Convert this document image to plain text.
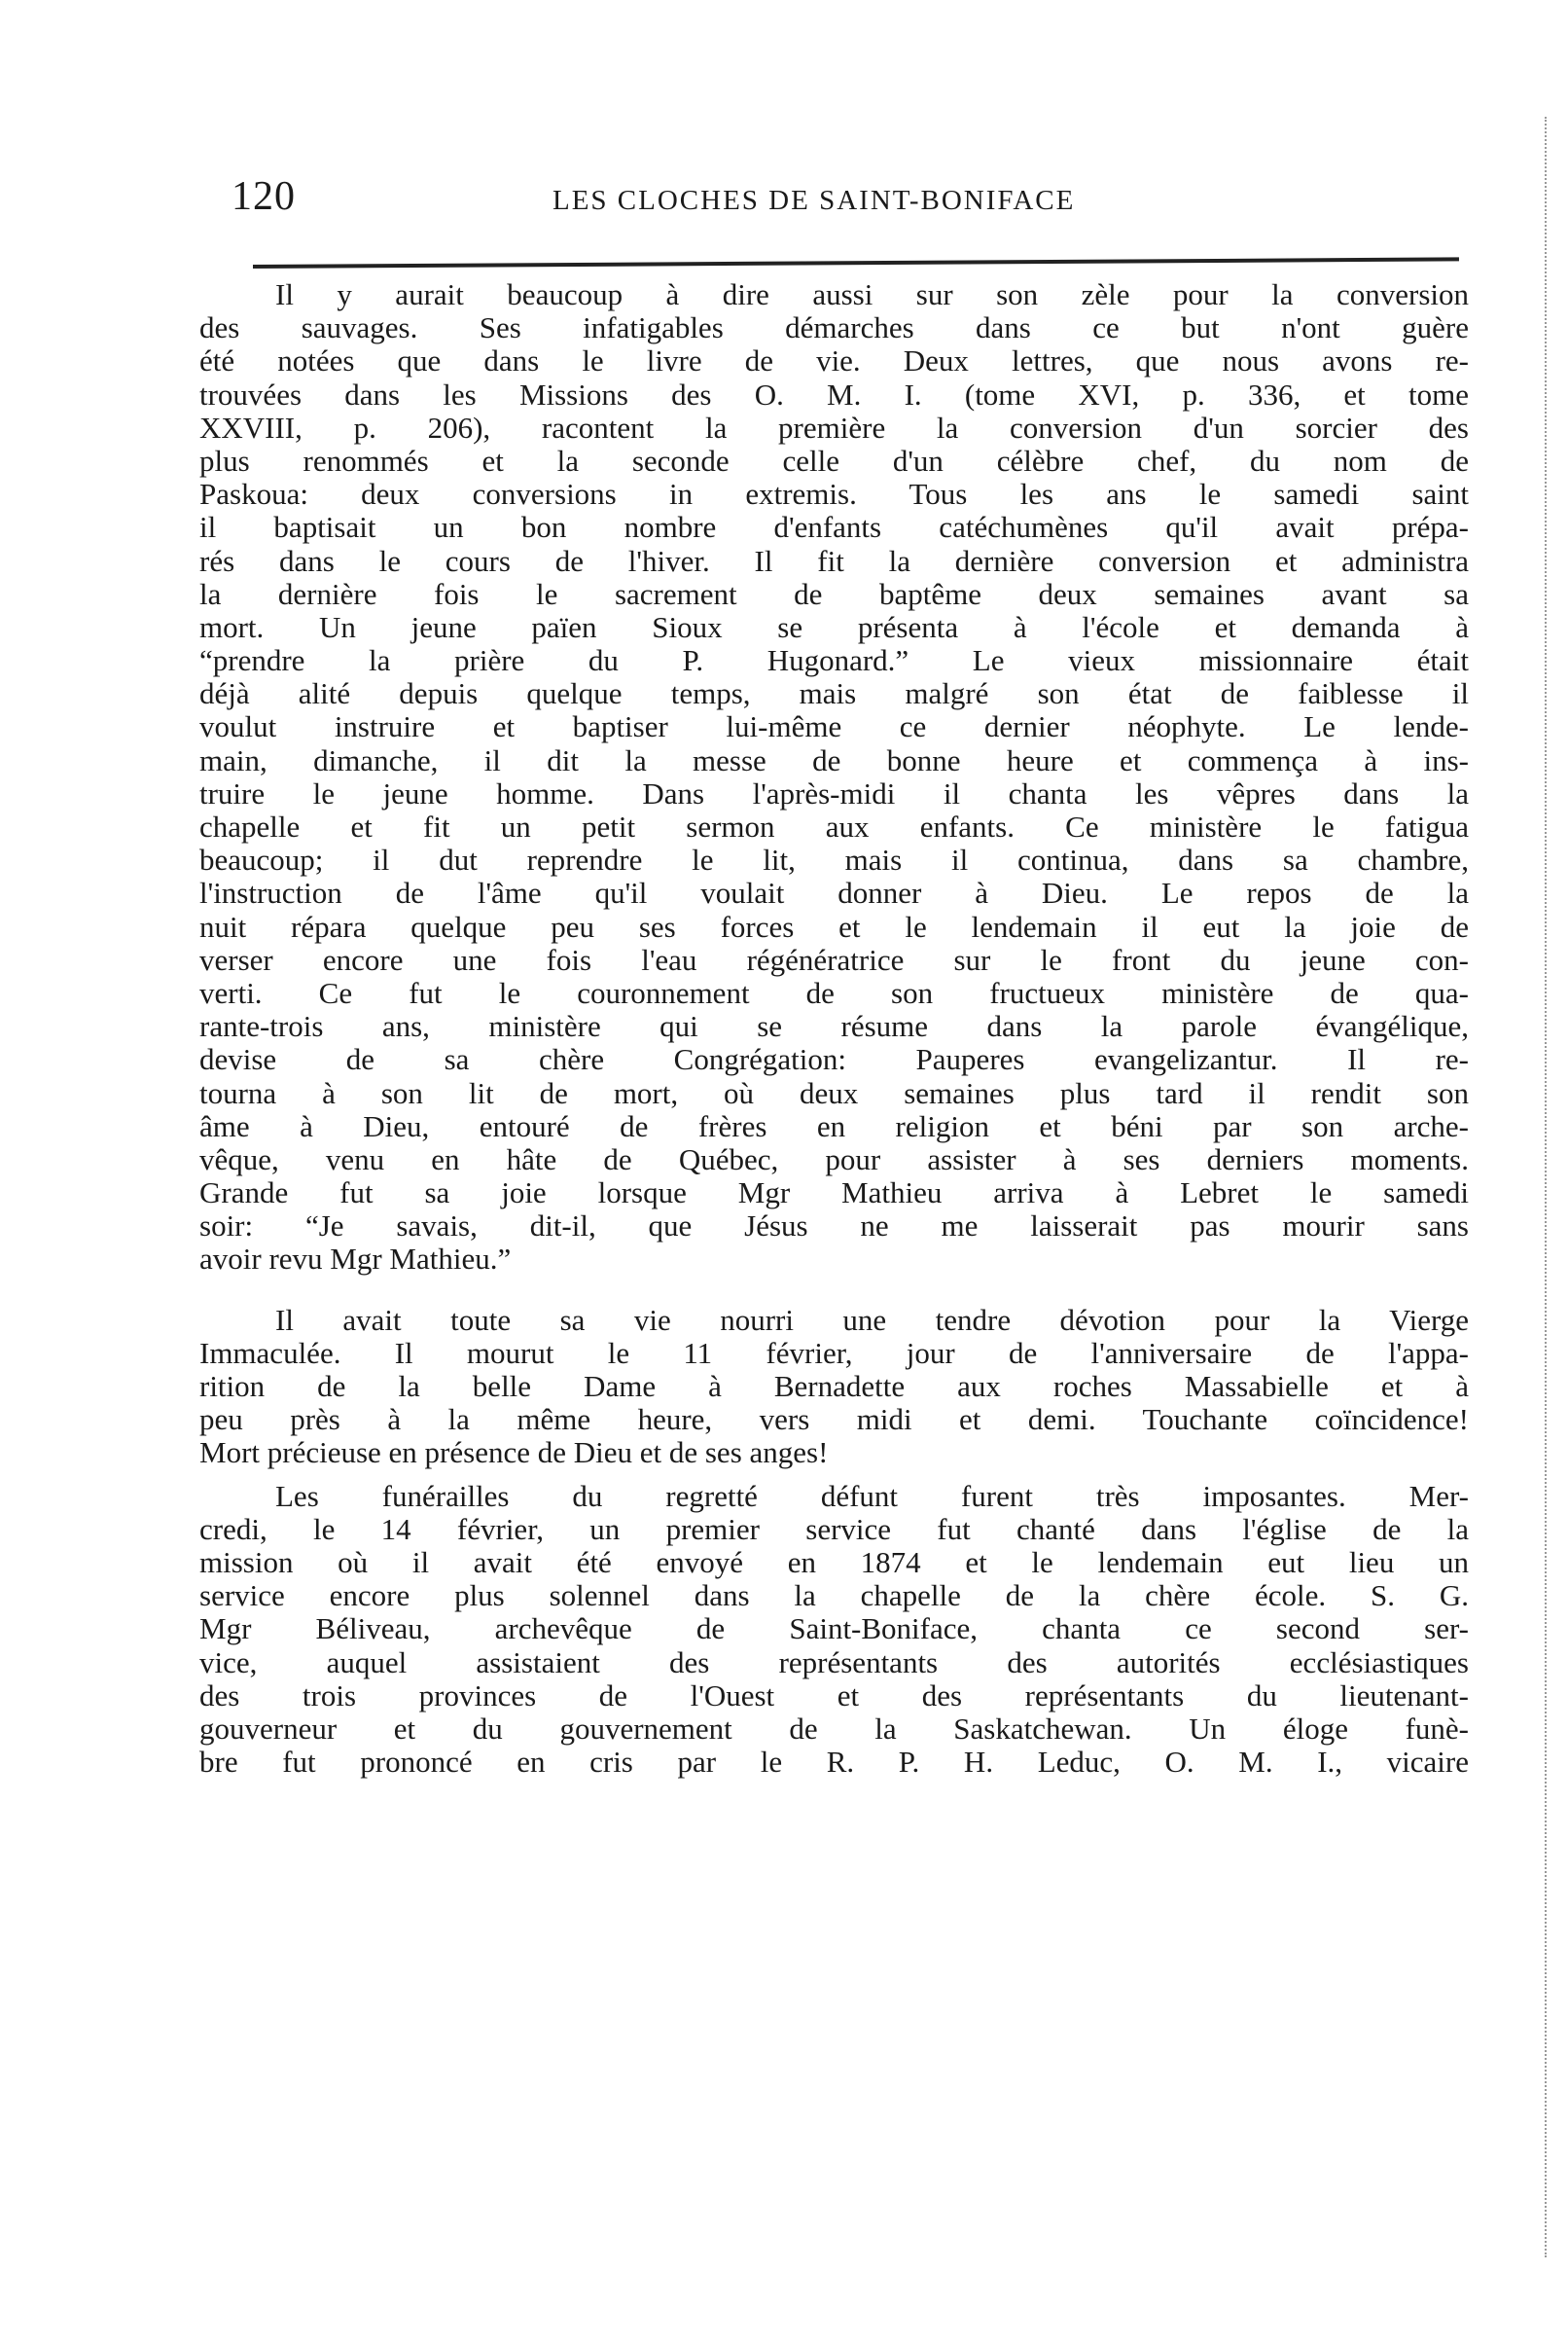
120	LES CLOCHES DE SAINT-BONIFACE
Il y aurait beaucoup à dire aussi sur son zèle pour la conversion
des sauvages. Ses infatigables démarches dans ce but n'ont guère
été notées que dans le livre de vie. Deux lettres, que nous avons re-
trouvées dans les Missions des O. M. I. (tome XVI, p. 336, et tome
XXVIII, p. 206), racontent la première la conversion d'un sorcier des
plus renommés et la seconde celle d'un célèbre chef, du nom de
Paskoua: deux conversions in extremis. Tous les ans le samedi saint
il baptisait un bon nombre d'enfants catéchumènes qu'il avait prépa-
rés dans le cours de l'hiver. Il fit la dernière conversion et administra
la dernière fois le sacrement de baptême deux semaines avant sa
mort. Un jeune païen Sioux se présenta à l'école et demanda à
“prendre la prière du P. Hugonard.” Le vieux missionnaire était
déjà alité depuis quelque temps, mais malgré son état de faiblesse il
voulut instruire et baptiser lui-même ce dernier néophyte. Le lende-
main, dimanche, il dit la messe de bonne heure et commença à ins-
truire le jeune homme. Dans l'après-midi il chanta les vêpres dans la
chapelle et fit un petit sermon aux enfants. Ce ministère le fatigua
beaucoup; il dut reprendre le lit, mais il continua, dans sa chambre,
l'instruction de l'âme qu'il voulait donner à Dieu. Le repos de la
nuit répara quelque peu ses forces et le lendemain il eut la joie de
verser encore une fois l'eau régénératrice sur le front du jeune con-
verti. Ce fut le couronnement de son fructueux ministère de qua-
rante-trois ans, ministère qui se résume dans la parole évangélique,
devise de sa chère Congrégation: Pauperes evangelizantur. Il re-
tourna à son lit de mort, où deux semaines plus tard il rendit son
âme à Dieu, entouré de frères en religion et béni par son arche-
vêque, venu en hâte de Québec, pour assister à ses derniers moments.
Grande fut sa joie lorsque Mgr Mathieu arriva à Lebret le samedi
soir: “Je savais, dit-il, que Jésus ne me laisserait pas mourir sans
avoir revu Mgr Mathieu.”
Il avait toute sa vie nourri une tendre dévotion pour la Vierge
Immaculée. Il mourut le 11 février, jour de l'anniversaire de l'appa-
rition de la belle Dame à Bernadette aux roches Massabielle et à
peu près à la même heure, vers midi et demi. Touchante coïncidence!
Mort précieuse en présence de Dieu et de ses anges!
Les funérailles du regretté défunt furent très imposantes. Mer-
credi, le 14 février, un premier service fut chanté dans l'église de la
mission où il avait été envoyé en 1874 et le lendemain eut lieu un
service encore plus solennel dans la chapelle de la chère école. S. G.
Mgr Béliveau, archevêque de Saint-Boniface, chanta ce second ser-
vice, auquel assistaient des représentants des autorités ecclésiastiques
des trois provinces de l'Ouest et des représentants du lieutenant-
gouverneur et du gouvernement de la Saskatchewan. Un éloge funè-
bre fut prononcé en cris par le R. P. H. Leduc, O. M. I., vicaire
